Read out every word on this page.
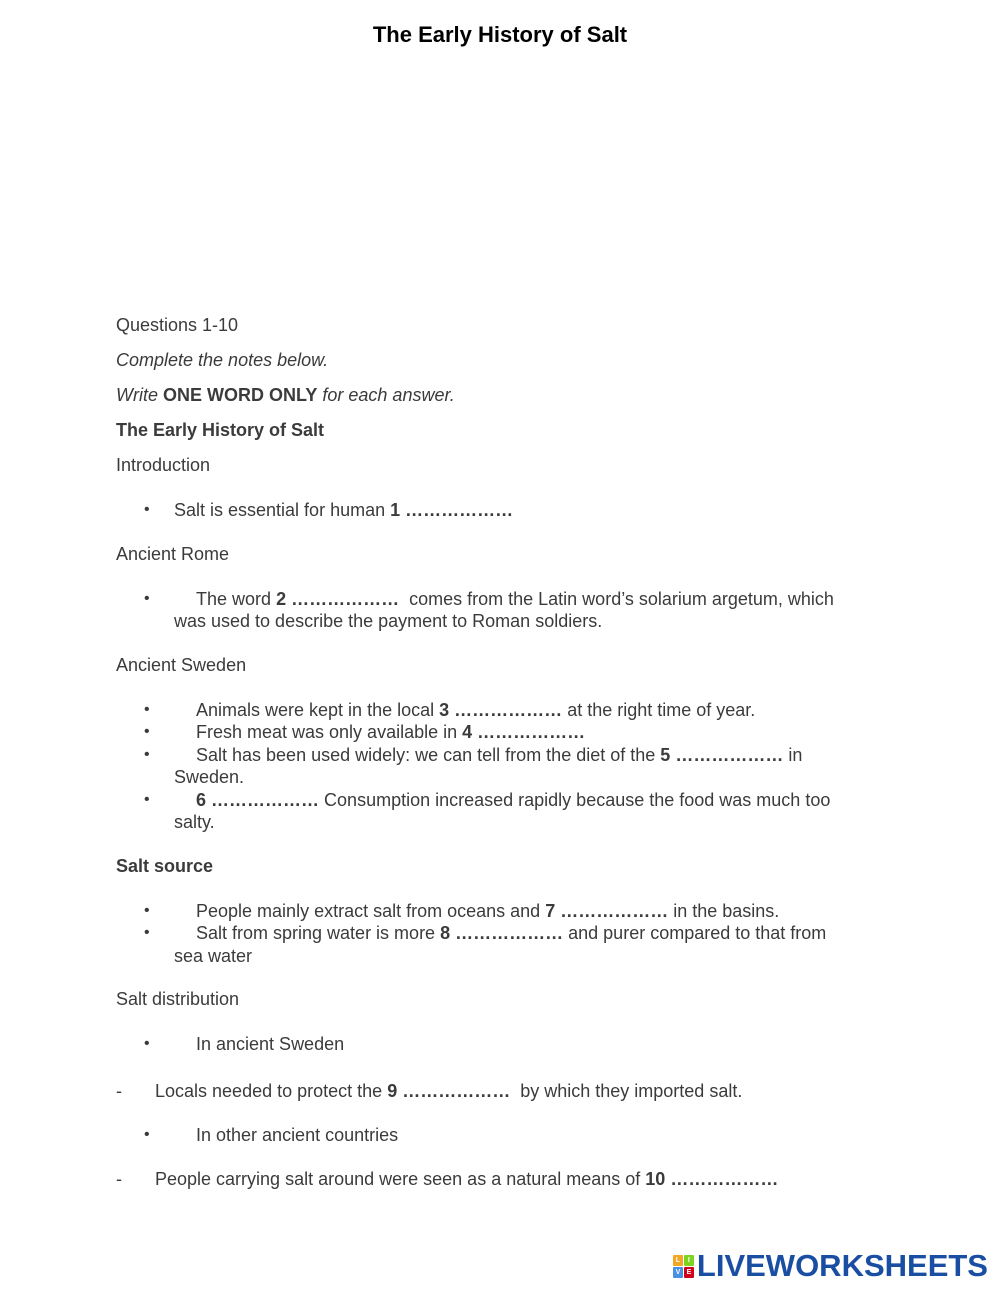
The Early History of Salt

Questions 1-10

Complete the notes below.

Write ONE WORD ONLY for each answer.

The Early History of Salt

Introduction

• Salt is essential for human 1 ………………

Ancient Rome

• The word 2 ……………… comes from the Latin word’s solarium argetum, which
was used to describe the payment to Roman soldiers.

Ancient Sweden

• Animals were kept in the local 3 ……………… at the right time of year.
• Fresh meat was only available in 4 ………………
• Salt has been used widely: we can tell from the diet of the 5 ……………… in
Sweden.
• 6 ……………… Consumption increased rapidly because the food was much too
salty.

Salt source

• People mainly extract salt from oceans and 7 ……………… in the basins.
• Salt from spring water is more 8 ……………… and purer compared to that from
sea water

Salt distribution

• In ancient Sweden
- Locals needed to protect the 9 ……………… by which they imported salt.
• In other ancient countries
- People carrying salt around were seen as a natural means of 10 ………………
L	I
V E LIVEWORKSHEETS
